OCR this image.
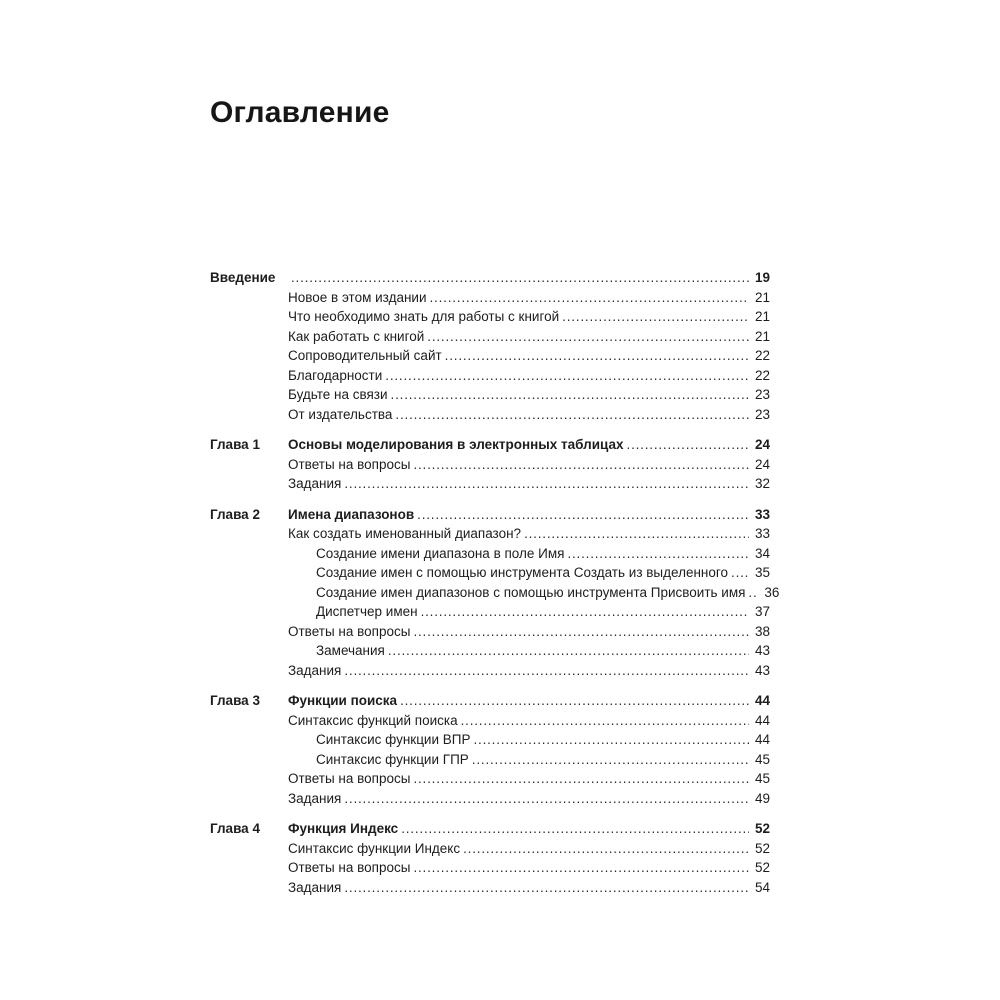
Оглавление
Введение .....	19
Новое в этом издании .....	21
Что необходимо знать для работы с книгой .....	21
Как работать с книгой .....	21
Сопроводительный сайт .....	22
Благодарности .....	22
Будьте на связи .....	23
От издательства .....	23
Глава 1	Основы моделирования в электронных таблицах .....	24
Ответы на вопросы .....	24
Задания .....	32
Глава 2	Имена диапазонов .....	33
Как создать именованный диапазон? .....	33
Создание имени диапазона в поле Имя .....	34
Создание имен с помощью инструмента Создать из выделенного ..... 35
Создание имен диапазонов с помощью инструмента Присвоить имя ..... 36
Диспетчер имен .....	37
Ответы на вопросы .....	38
Замечания .....	43
Задания .....	43
Глава 3	Функции поиска .....	44
Синтаксис функций поиска .....	44
Синтаксис функции ВПР .....	44
Синтаксис функции ГПР .....	45
Ответы на вопросы .....	45
Задания .....	49
Глава 4	Функция Индекс .....	52
Синтаксис функции Индекс .....	52
Ответы на вопросы .....	52
Задания .....	54
